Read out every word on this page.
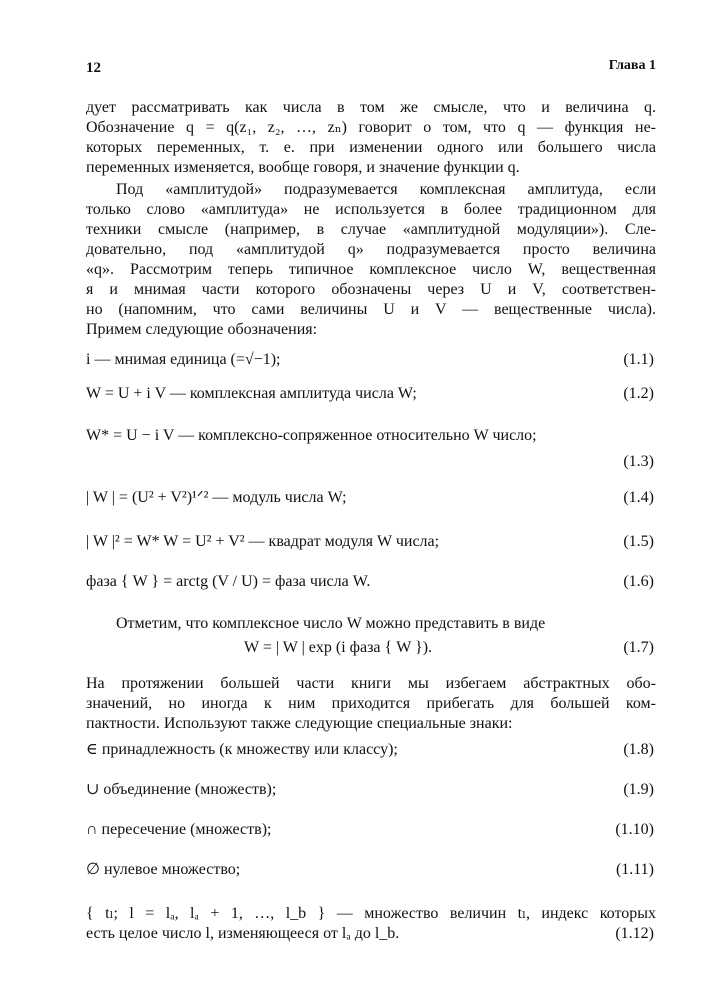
12	Глава 1
дует рассматривать как числа в том же смысле, что и величина q.
Обозначение q = q(z₁, z₂, …, zₙ) говорит о том, что q — функция не-
которых переменных, т. е. при изменении одного или большего числа
переменных изменяется, вообще говоря, и значение функции q.
Под «амплитудой» подразумевается комплексная амплитуда, если
только слово «амплитуда» не используется в более традиционном для
техники смысле (например, в случае «амплитудной модуляции»). Сле-
довательно, под «амплитудой q» подразумевается просто величина
«q». Рассмотрим теперь типичное комплексное число W, вещественная
я и мнимая части которого обозначены через U и V, соответствен-
но (напомним, что сами величины U и V — вещественные числа).
Примем следующие обозначения:
i — мнимая единица (=√−1);	(1.1)
W = U + i V — комплексная амплитуда числа W;	(1.2)
W* = U − i V — комплексно-сопряженное относительно W число;
(1.3)
| W | = (U² + V²)¹ᐟ² — модуль числа W;	(1.4)
| W |² = W* W = U² + V² — квадрат модуля W числа;	(1.5)
фаза { W } = arctg (V / U) = фаза числа W.	(1.6)
Отметим, что комплексное число W можно представить в виде
W = | W | exp (i фаза { W }).	(1.7)
На протяжении большей части книги мы избегаем абстрактных обо-
значений, но иногда к ним приходится прибегать для большей ком-
пактности. Используют также следующие специальные знаки:
∈ принадлежность (к множеству или классу);	(1.8)
∪ объединение (множеств);	(1.9)
∩ пересечение (множеств);	(1.10)
∅ нулевое множество;	(1.11)
{ tₗ; l = lₐ, lₐ + 1, …, l_b } — множество величин tₗ, индекс которых
есть целое число l, изменяющееся от lₐ до l_b.	(1.12)
